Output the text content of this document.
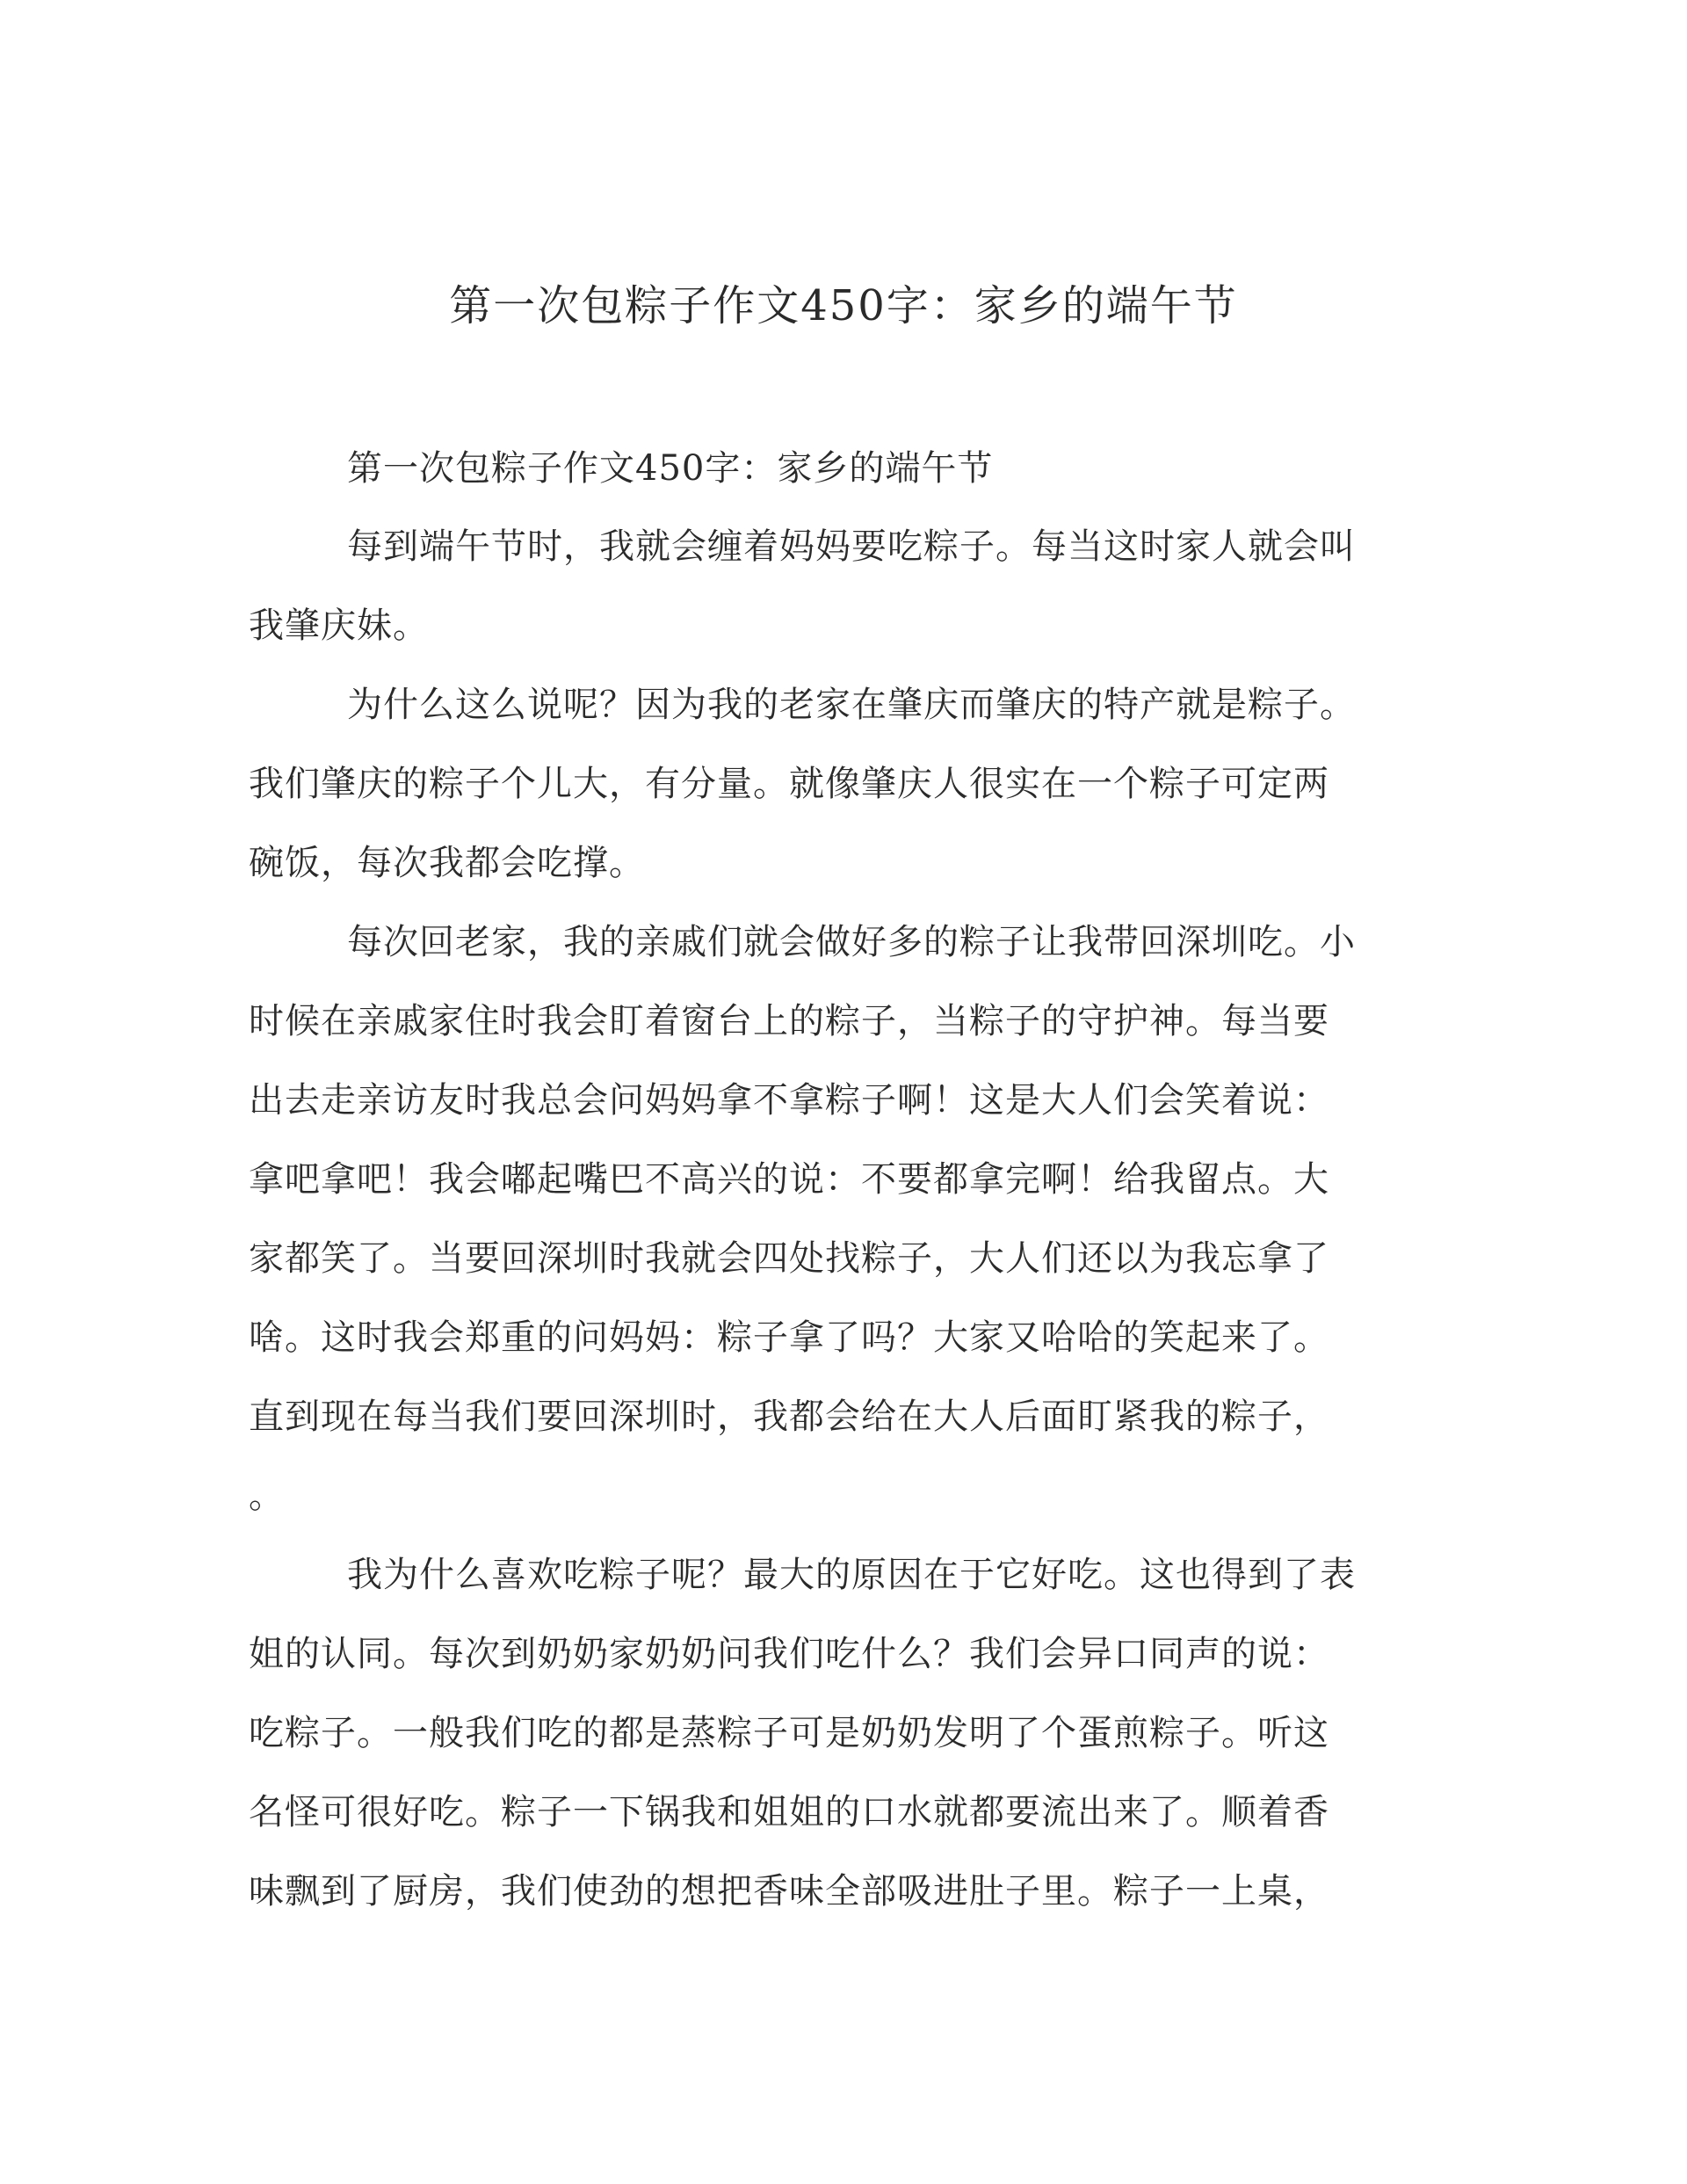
第一次包粽子作文450字：家乡的端午节
第一次包粽子作文450字：家乡的端午节
每到端午节时，我就会缠着妈妈要吃粽子。每当这时家人就会叫
我肇庆妹。
为什么这么说呢？因为我的老家在肇庆而肇庆的特产就是粽子。
我们肇庆的粽子个儿大，有分量。就像肇庆人很实在一个粽子可定两
碗饭，每次我都会吃撑。
每次回老家，我的亲戚们就会做好多的粽子让我带回深圳吃。小
时候在亲戚家住时我会盯着窗台上的粽子，当粽子的守护神。每当要
出去走亲访友时我总会问妈妈拿不拿粽子啊！这是大人们会笑着说：
拿吧拿吧！我会嘟起嘴巴不高兴的说：不要都拿完啊！给我留点。大
家都笑了。当要回深圳时我就会四处找粽子，大人们还以为我忘拿了
啥。这时我会郑重的问妈妈：粽子拿了吗？大家又哈哈的笑起来了。
直到现在每当我们要回深圳时，我都会给在大人后面盯紧我的粽子，
。
我为什么喜欢吃粽子呢？最大的原因在于它好吃。这也得到了表
姐的认同。每次到奶奶家奶奶问我们吃什么？我们会异口同声的说：
吃粽子。一般我们吃的都是蒸粽子可是奶奶发明了个蛋煎粽子。听这
名怪可很好吃。粽子一下锅我和姐姐的口水就都要流出来了。顺着香
味飘到了厨房，我们使劲的想把香味全部吸进肚子里。粽子一上桌，
